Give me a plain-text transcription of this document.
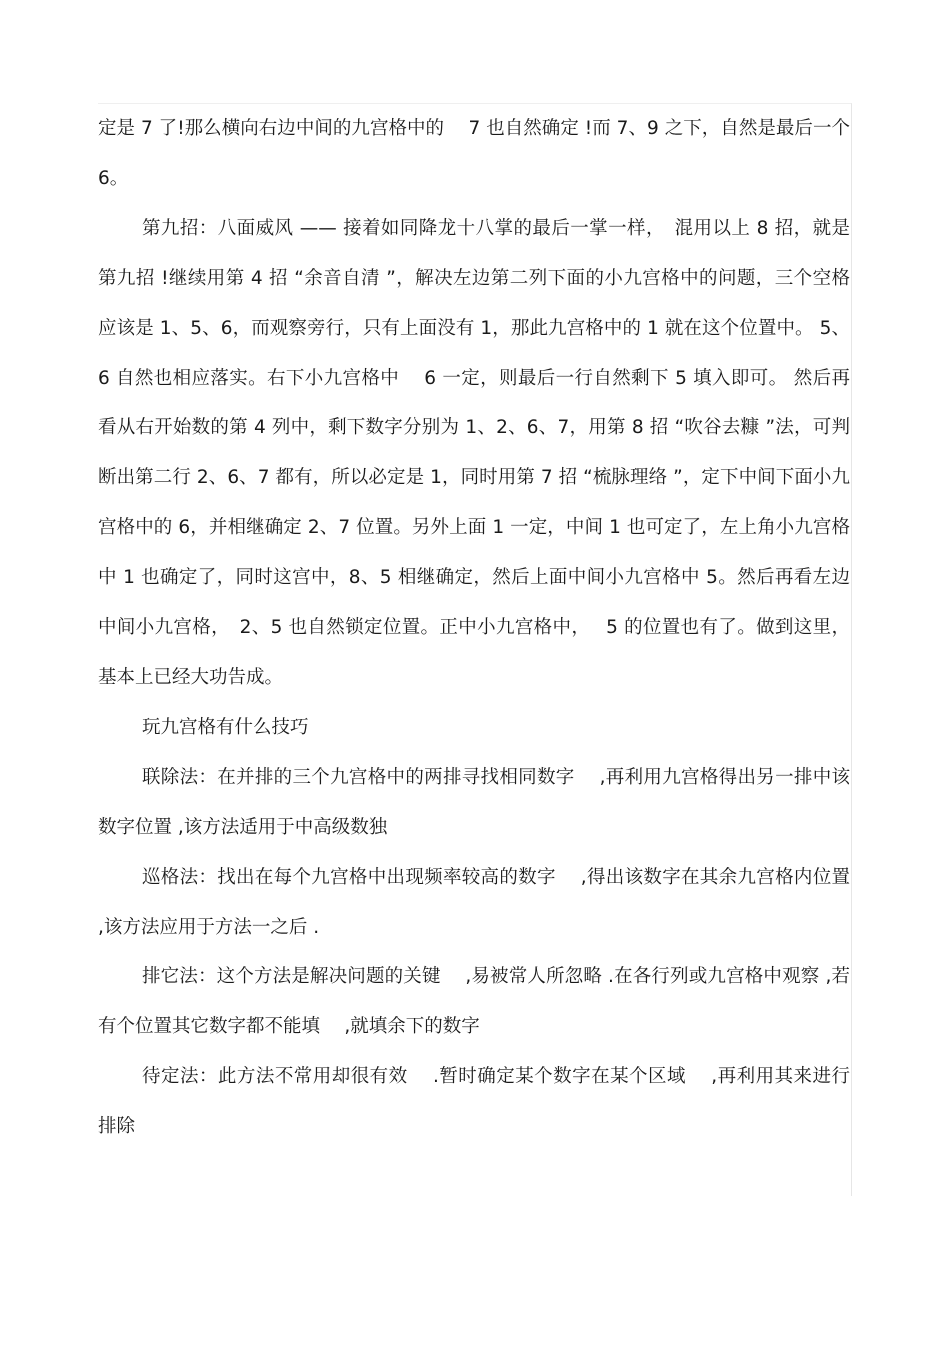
定是 7 了!那么横向右边中间的九宫格中的　 7 也自然确定 !而 7、9 之下，自然是最后一个 6。

第九招：八面威风 —— 接着如同降龙十八掌的最后一掌一样，　混用以上 8 招，就是第九招 !继续用第 4 招 “余音自清 ”，解决左边第二列下面的小九宫格中的问题，三个空格应该是 1、5、6，而观察旁行，只有上面没有 1，那此九宫格中的 1 就在这个位置中。 5、6 自然也相应落实。右下小九宫格中　 6 一定，则最后一行自然剩下 5 填入即可。 然后再看从右开始数的第 4 列中，剩下数字分别为 1、2、6、7，用第 8 招 “吹谷去糠 ”法，可判断出第二行 2、6、7 都有，所以必定是 1，同时用第 7 招 “梳脉理络 ”，定下中间下面小九宫格中的 6，并相继确定 2、7 位置。另外上面 1 一定，中间 1 也可定了，左上角小九宫格中 1 也确定了，同时这宫中，8、5 相继确定，然后上面中间小九宫格中 5。然后再看左边中间小九宫格，　2、5 也自然锁定位置。正中小九宫格中，　 5 的位置也有了。做到这里，基本上已经大功告成。

玩九宫格有什么技巧

联除法：在并排的三个九宫格中的两排寻找相同数字　 ,再利用九宫格得出另一排中该数字位置 ,该方法适用于中高级数独

巡格法：找出在每个九宫格中出现频率较高的数字　 ,得出该数字在其余九宫格内位置 ,该方法应用于方法一之后 .

排它法：这个方法是解决问题的关键　 ,易被常人所忽略 .在各行列或九宫格中观察 ,若有个位置其它数字都不能填　 ,就填余下的数字

待定法：此方法不常用却很有效　 .暂时确定某个数字在某个区域　 ,再利用其来进行排除
